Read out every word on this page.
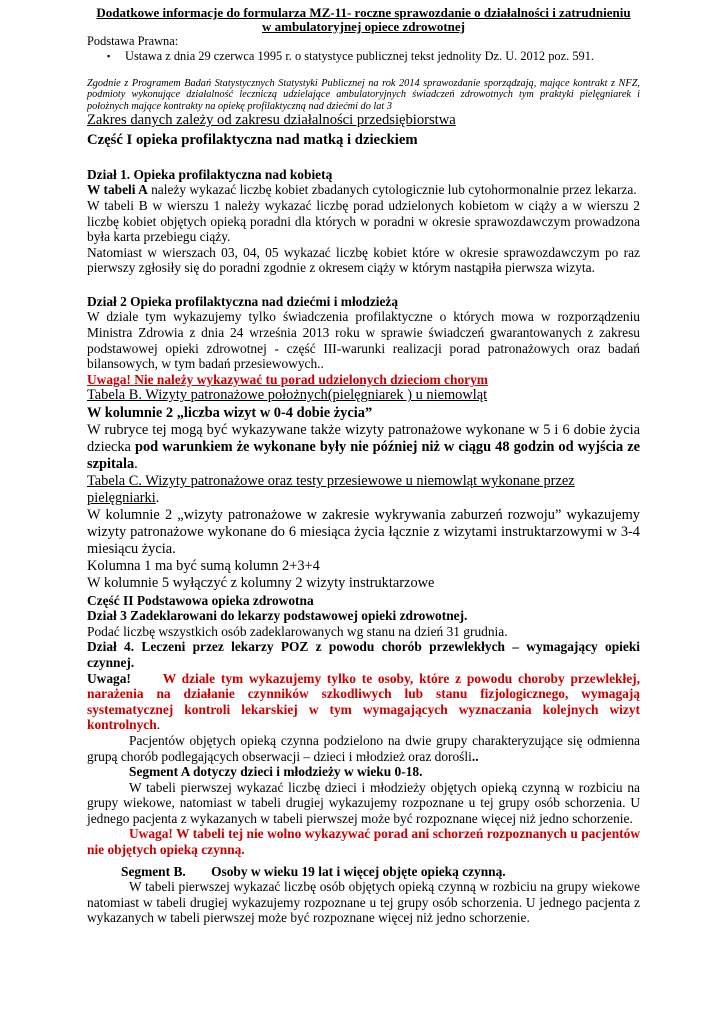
Dodatkowe informacje do formularza MZ-11- roczne sprawozdanie o działalności i zatrudnieniu
w ambulatoryjnej opiece zdrowotnej
Podstawa Prawna:
▪	Ustawa z dnia 29 czerwca 1995 r. o statystyce publicznej tekst jednolity Dz. U. 2012 poz. 591.

Zgodnie z Programem Badań Statystycznych Statystyki Publicznej na rok 2014 sprawozdanie sporządzają, mające kontrakt z NFZ, podmioty wykonujące działalność leczniczą udzielające ambulatoryjnych świadczeń zdrowotnych tym praktyki pielęgniarek i położnych mające kontrakty na opiekę profilaktyczną nad dziećmi do lat 3

Zakres danych zależy od zakresu działalności przedsiębiorstwa
Część I opieka profilaktyczna nad matką i dzieckiem
Dział 1. Opieka profilaktyczna nad kobietą

W tabeli A należy wykazać liczbę kobiet zbadanych cytologicznie lub cytohormonalnie przez lekarza.

W tabeli B w wierszu 1 należy wykazać liczbę porad udzielonych kobietom w ciąży a w wierszu 2 liczbę kobiet objętych opieką poradni dla których w poradni w okresie sprawozdawczym prowadzona była karta przebiegu ciąży.

Natomiast w wierszach 03, 04, 05 wykazać liczbę kobiet które w okresie sprawozdawczym po raz pierwszy zgłosiły się do poradni zgodnie z okresem ciąży w którym nastąpiła pierwsza wizyta.

Dział 2 Opieka profilaktyczna nad dziećmi i młodzieżą

W dziale tym wykazujemy tylko świadczenia profilaktyczne o których mowa w rozporządzeniu Ministra Zdrowia z dnia 24 września 2013 roku w sprawie świadczeń gwarantowanych z zakresu podstawowej opieki zdrowotnej - część III-warunki realizacji porad patronażowych oraz badań bilansowych, w tym badań przesiewowych..

Uwaga! Nie należy wykazywać tu porad udzielonych dzieciom chorym
Tabela B. Wizyty patronażowe położnych(pielęgniarek ) u niemowląt
W kolumnie 2 „liczba wizyt w 0-4 dobie życia”

W rubryce tej mogą być wykazywane także wizyty patronażowe wykonane w 5 i 6 dobie życia dziecka pod warunkiem że wykonane były nie później niż w ciągu 48 godzin od wyjścia ze szpitala.

Tabela C. Wizyty patronażowe oraz testy przesiewowe u niemowląt wykonane przez pielęgniarki.

W kolumnie 2 „wizyty patronażowe w zakresie wykrywania zaburzeń rozwoju” wykazujemy wizyty patronażowe wykonane do 6 miesiąca życia łącznie z wizytami instruktarzowymi w 3-4 miesiącu życia.

Kolumna 1 ma być sumą kolumn 2+3+4
W kolumnie 5 wyłączyć z kolumny 2 wizyty instruktarzowe
Część II Podstawowa opieka zdrowotna
Dział 3 Zadeklarowani do lekarzy podstawowej opieki zdrowotnej.
Podać liczbę wszystkich osób zadeklarowanych wg stanu na dzień 31 grudnia.
Dział 4. Leczeni przez lekarzy POZ z powodu chorób przewlekłych – wymagający opieki czynnej.

Uwaga! W dziale tym wykazujemy tylko te osoby, które z powodu choroby przewlekłej, narażenia na działanie czynników szkodliwych lub stanu fizjologicznego, wymagają systematycznej kontroli lekarskiej w tym wymagających wyznaczania kolejnych wizyt kontrolnych.

Pacjentów objętych opieką czynna podzielono na dwie grupy charakteryzujące się odmienna grupą chorób podlegających obserwacji – dzieci i młodzież oraz dorośli..

Segment A dotyczy dzieci i młodzieży w wieku 0-18.

W tabeli pierwszej wykazać liczbę dzieci i młodzieży objętych opieką czynną w rozbiciu na grupy wiekowe, natomiast w tabeli drugiej wykazujemy rozpoznane u tej grupy osób schorzenia. U jednego pacjenta z wykazanych w tabeli pierwszej może być rozpoznane więcej niż jedno schorzenie.

Uwaga! W tabeli tej nie wolno wykazywać porad ani schorzeń rozpoznanych u pacjentów nie objętych opieką czynną.

Segment B. Osoby w wieku 19 lat i więcej objęte opieką czynną.

W tabeli pierwszej wykazać liczbę osób objętych opieką czynną w rozbiciu na grupy wiekowe natomiast w tabeli drugiej wykazujemy rozpoznane u tej grupy osób schorzenia. U jednego pacjenta z wykazanych w tabeli pierwszej może być rozpoznane więcej niż jedno schorzenie.
